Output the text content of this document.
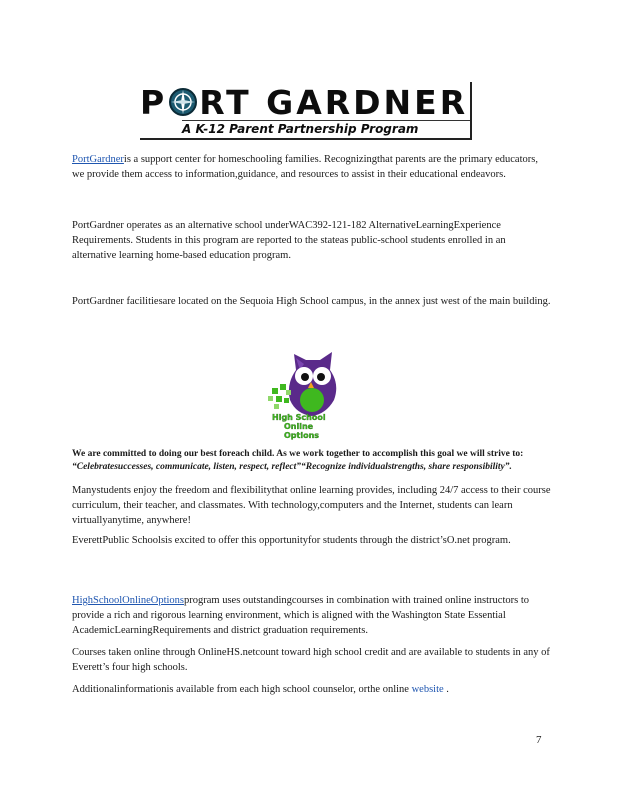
P RT GARDNER
A K-12 Parent Partnership Program

PortGardneris a support center for homeschooling families. Recognizingthat parents are the primary educators, we provide them access to information,guidance, and resources to assist in their educational endeavors.

PortGardner operates as an alternative school underWAC392-121-182 AlternativeLearningExperience Requirements. Students in this program are reported to the stateas public-school students enrolled in an alternative learning home-based education program.

PortGardner facilitiesare located on the Sequoia High School campus, in the annex just west of the main building.

High School
Online
Options

We are committed to doing our best foreach child. As we work together to accomplish this goal we will strive to:

“Celebratesuccesses, communicate, listen, respect, reflect”“Recognize individualstrengths, share responsibility”.

Manystudents enjoy the freedom and flexibilitythat online learning provides, including 24/7 access to their course curriculum, their teacher, and classmates. With technology,computers and the Internet, students can learn virtuallyanytime, anywhere!

EverettPublic Schoolsis excited to offer this opportunityfor students through the district’sO.net program.

HighSchoolOnlineOptionsprogram uses outstandingcourses in combination with trained online instructors to provide a rich and rigorous learning environment, which is aligned with the Washington State Essential AcademicLearningRequirements and district graduation requirements.

Courses taken online through OnlineHS.netcount toward high school credit and are available to students in any of Everett’s four high schools.

Additionalinformationis available from each high school counselor, orthe online website .

7
